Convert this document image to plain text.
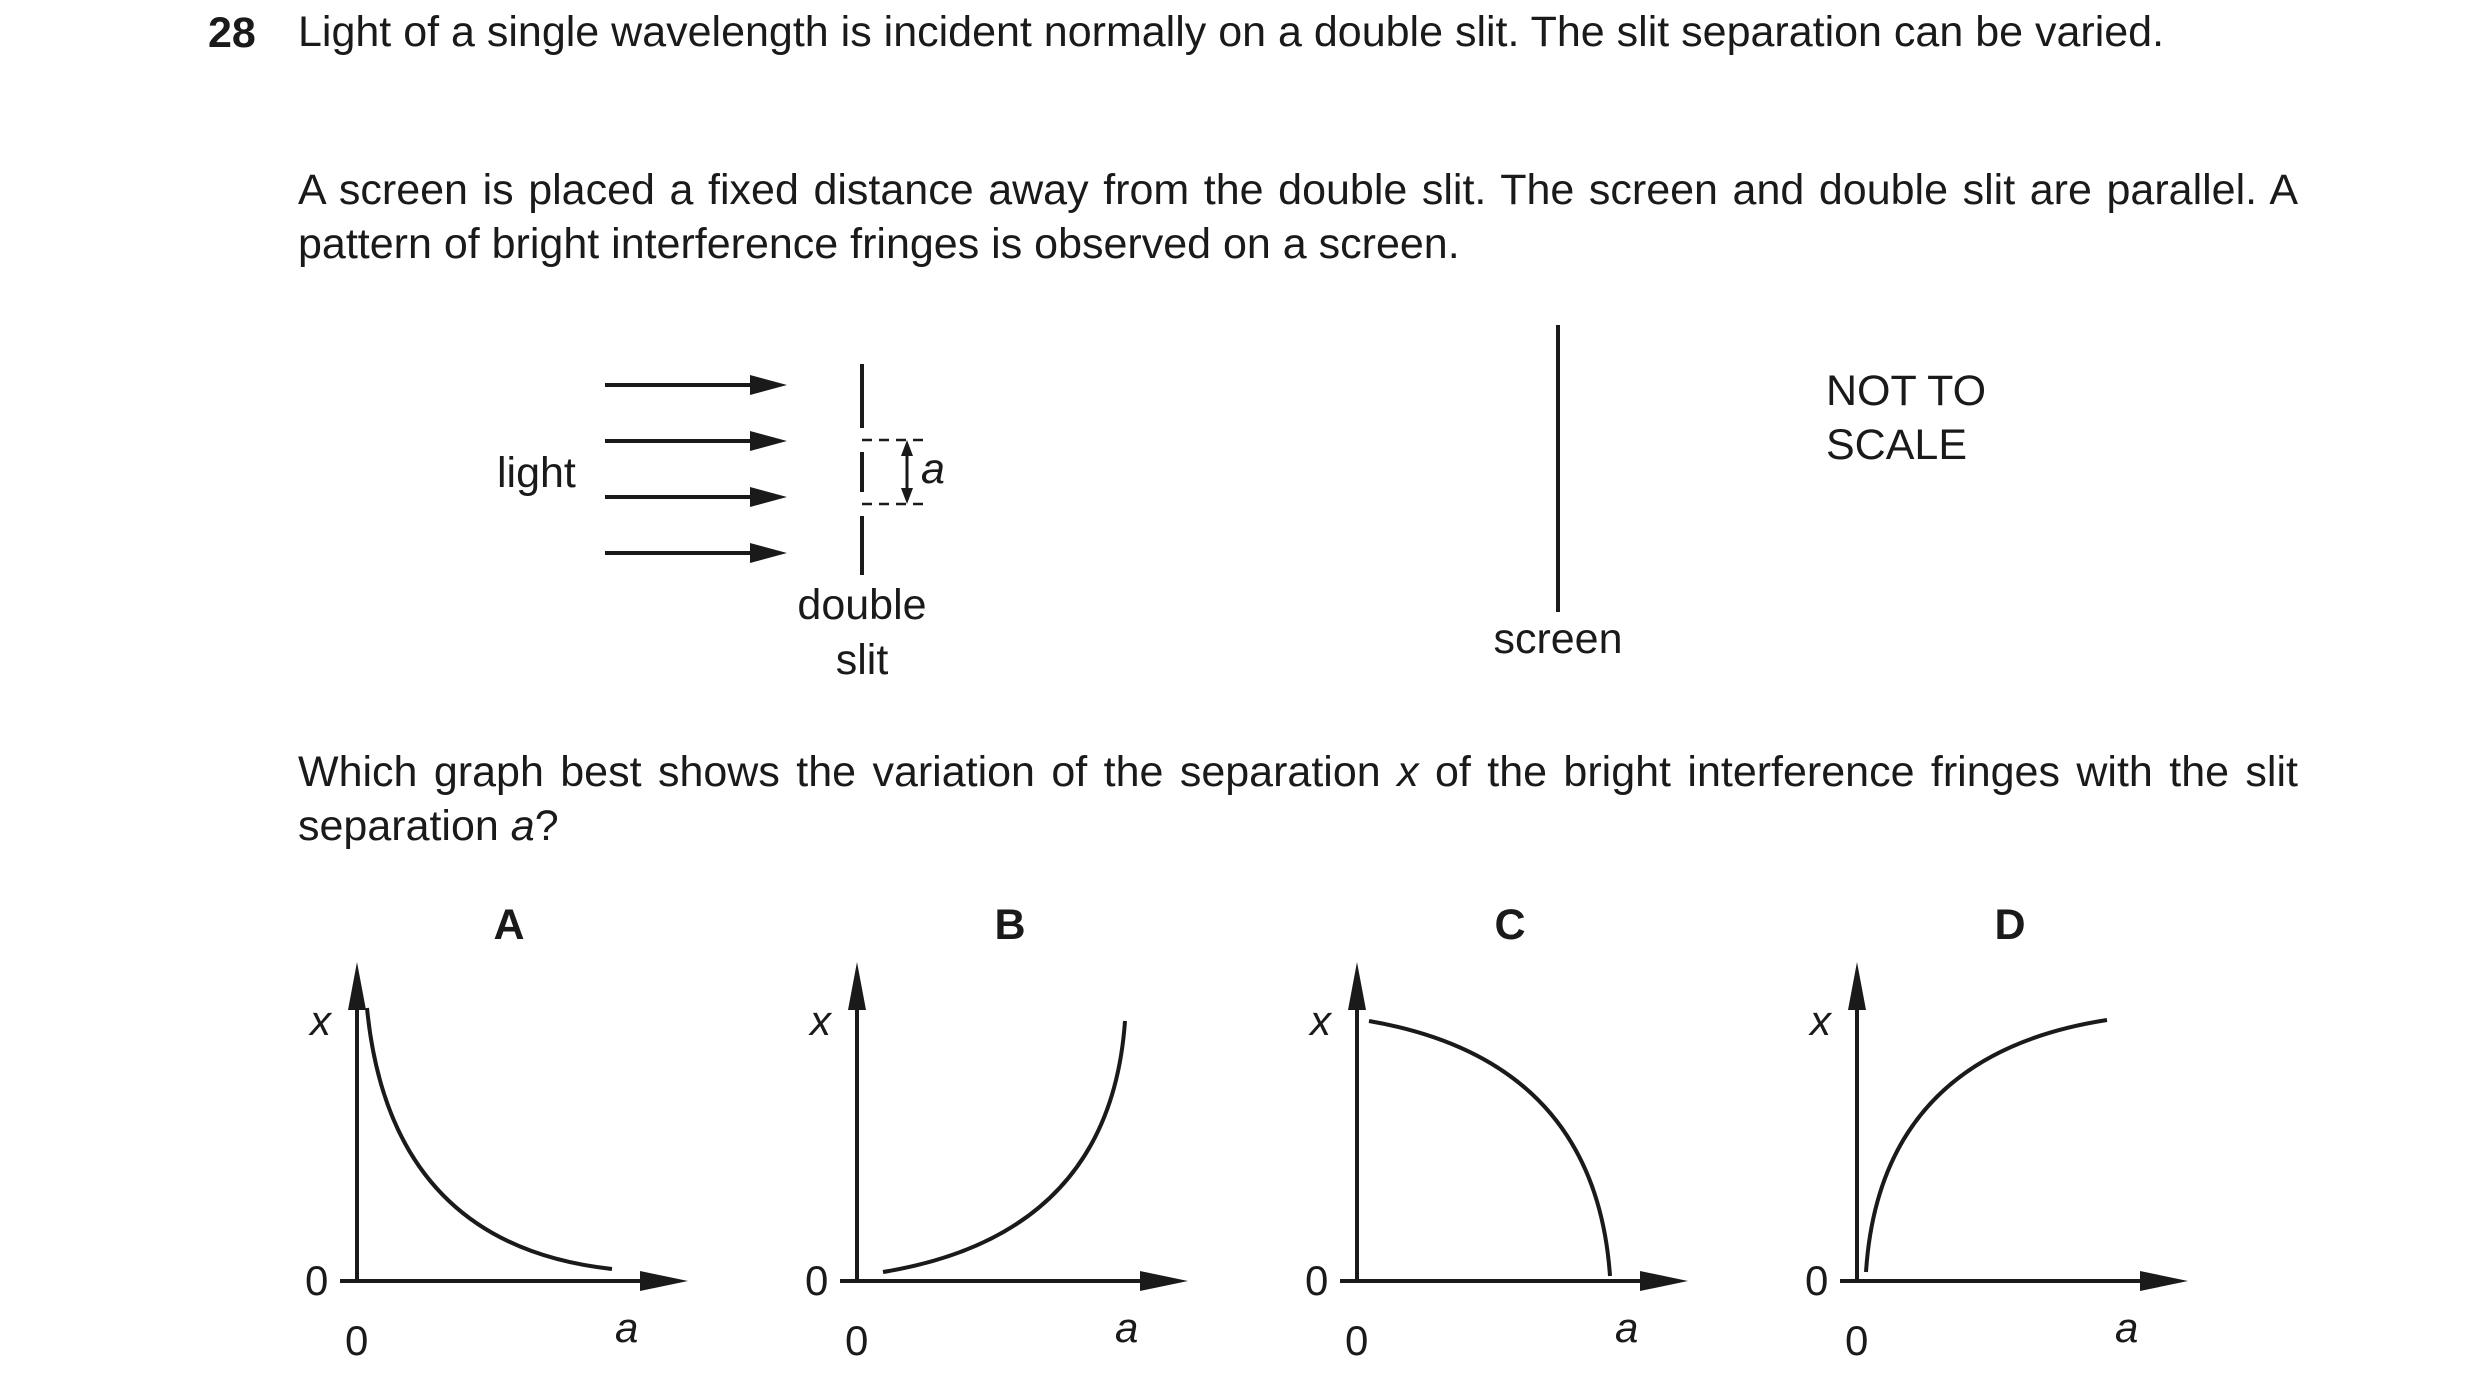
28 Light of a single wavelength is incident normally on a double slit. The slit separation can be varied.

A screen is placed a fixed distance away from the double slit. The screen and double slit are parallel. A pattern of bright interference fringes is observed on a screen.

light	a
double
slit	screen
NOT TO
SCALE

Which graph best shows the variation of the separation x of the bright interference fringes with the slit separation a?

A	B	C	D
x
a
0
0
x
a
0
0
x
a
0
0
x
a
0
0
